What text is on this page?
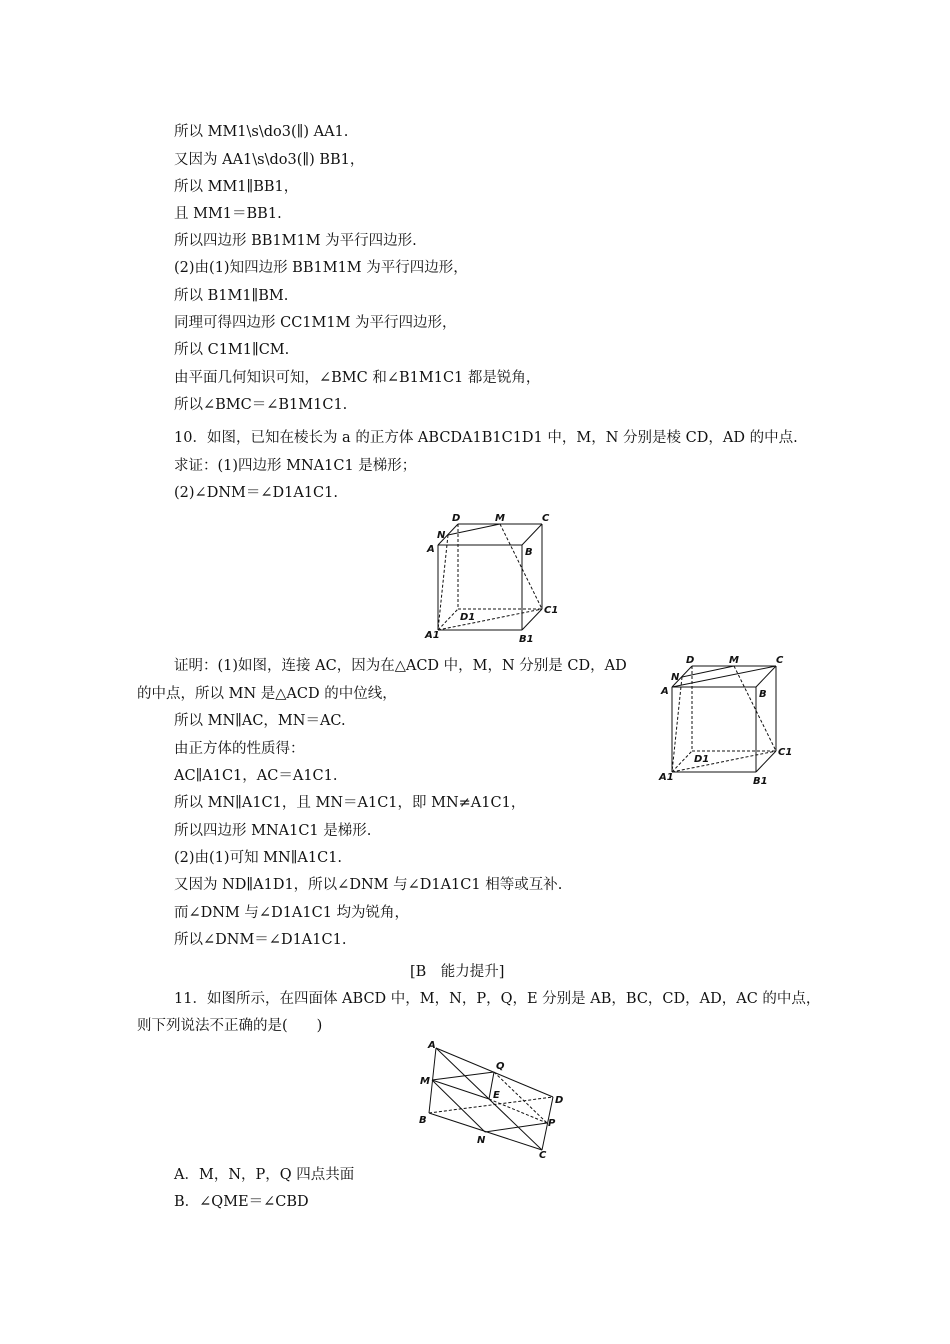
所以 MM1\s\do3(∥) AA1.
又因为 AA1\s\do3(∥) BB1，
所以 MM1∥BB1，
且 MM1＝BB1.
所以四边形 BB1M1M 为平行四边形.
(2)由(1)知四边形 BB1M1M 为平行四边形，
所以 B1M1∥BM.
同理可得四边形 CC1M1M 为平行四边形，
所以 C1M1∥CM.
由平面几何知识可知，∠BMC 和∠B1M1C1 都是锐角，
所以∠BMC＝∠B1M1C1.
10．如图，已知在棱长为 a 的正方体 ABCDA1B1C1D1 中，M，N 分别是棱 CD，AD 的中点.
求证：(1)四边形 MNA1C1 是梯形；
(2)∠DNM＝∠D1A1C1.
D	M	C
N
A	B
D1
C1
A1	B1
证明：(1)如图，连接 AC，因为在△ACD 中，M，N 分别是 CD，AD
的中点，所以 MN 是△ACD 的中位线，
所以 MN∥AC，MN＝AC.
由正方体的性质得：
AC∥A1C1，AC＝A1C1.
所以 MN∥A1C1，且 MN＝A1C1，即 MN≠A1C1，
所以四边形 MNA1C1 是梯形.
(2)由(1)可知 MN∥A1C1.
又因为 ND∥A1D1，所以∠DNM 与∠D1A1C1 相等或互补.
而∠DNM 与∠D1A1C1 均为锐角，
所以∠DNM＝∠D1A1C1.
D	M	C
N
A	B
D1
C1
A1	B1
[B　能力提升]
11．如图所示，在四面体 ABCD 中，M，N，P，Q，E 分别是 AB，BC，CD，AD，AC 的中点，
则下列说法不正确的是(　　)
A
M
B
Q
E	D
P
N
C
A．M，N，P，Q 四点共面
B．∠QME＝∠CBD
